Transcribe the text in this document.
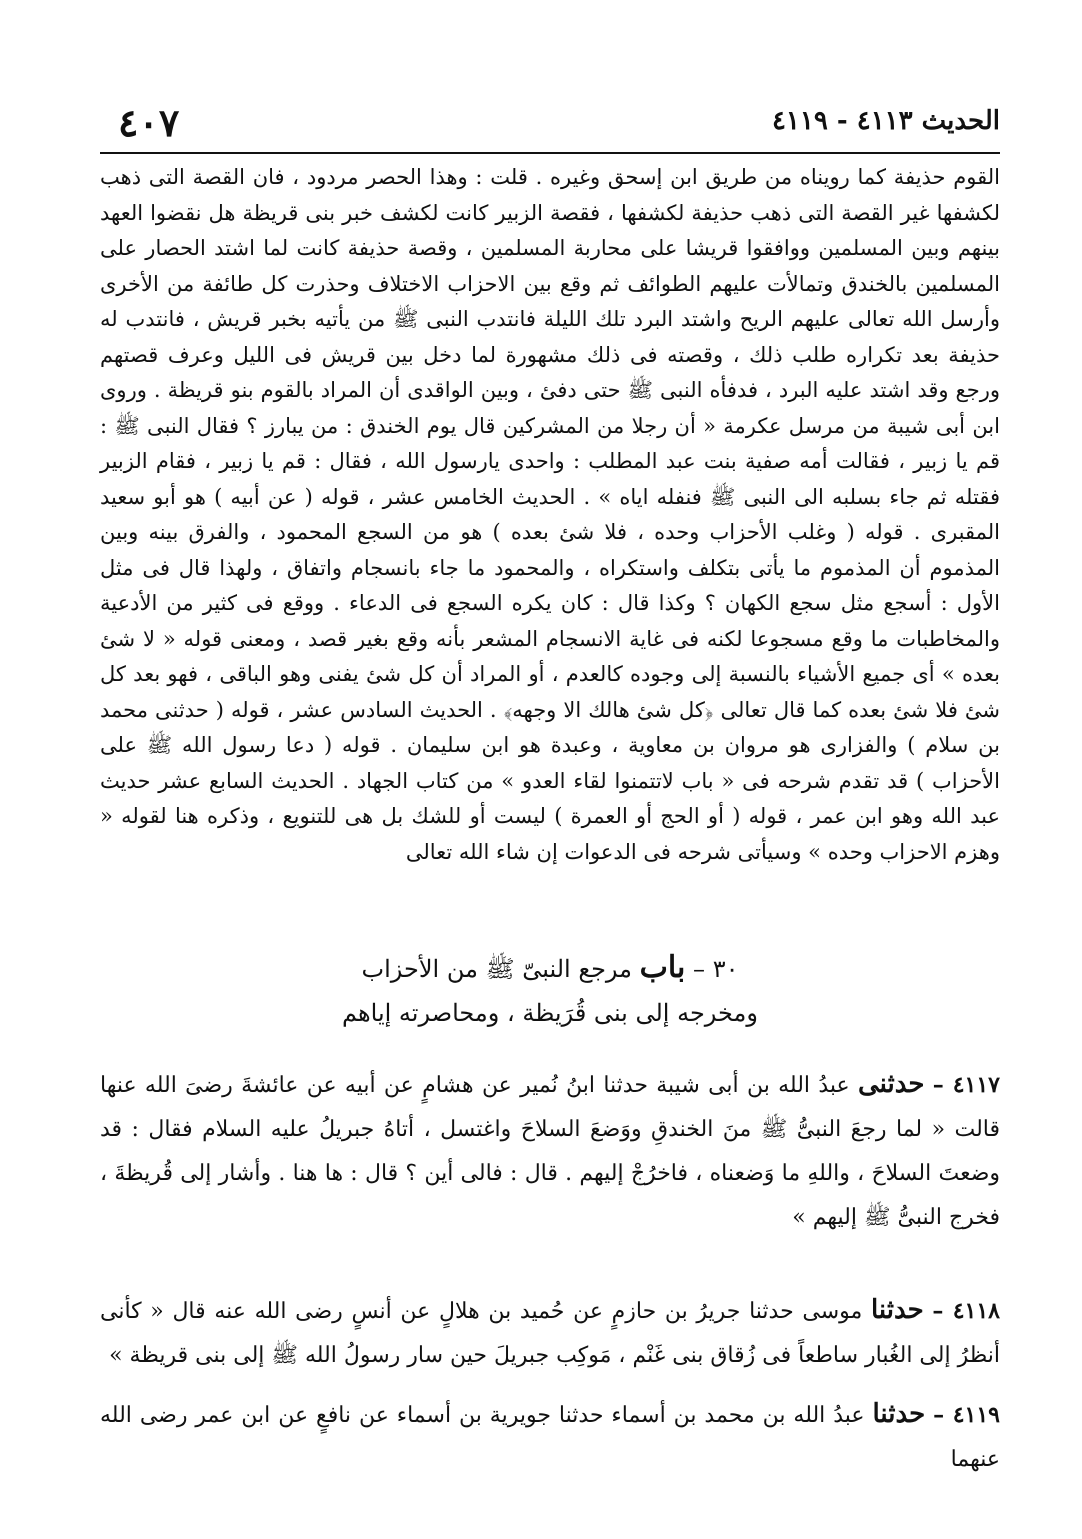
٤٠٧	الحديث ٤١١٣ - ٤١١٩
القوم حذيفة كما رويناه من طريق ابن إسحق وغيره . قلت : وهذا الحصر مردود ، فان القصة التى ذهب لكشفها غير القصة التى ذهب حذيفة لكشفها ، فقصة الزبير كانت لكشف خبر بنى قريظة هل نقضوا العهد بينهم وبين المسلمين ووافقوا قريشا على محاربة المسلمين ، وقصة حذيفة كانت لما اشتد الحصار على المسلمين بالخندق وتمالأت عليهم الطوائف ثم وقع بين الاحزاب الاختلاف وحذرت كل طائفة من الأخرى وأرسل الله تعالى عليهم الريح واشتد البرد تلك الليلة فانتدب النبى ﷺ من يأتيه بخبر قريش ، فانتدب له حذيفة بعد تكراره طلب ذلك ، وقصته فى ذلك مشهورة لما دخل بين قريش فى الليل وعرف قصتهم ورجع وقد اشتد عليه البرد ، فدفأه النبى ﷺ حتى دفئ ، وبين الواقدى أن المراد بالقوم بنو قريظة . وروى ابن أبى شيبة من مرسل عكرمة « أن رجلا من المشركين قال يوم الخندق : من يبارز ؟ فقال النبى ﷺ : قم يا زبير ، فقالت أمه صفية بنت عبد المطلب : واحدى يارسول الله ، فقال : قم يا زبير ، فقام الزبير فقتله ثم جاء بسلبه الى النبى ﷺ فنفله اياه » . الحديث الخامس عشر ، قوله ( عن أبيه ) هو أبو سعيد المقبرى . قوله ( وغلب الأحزاب وحده ، فلا شئ بعده ) هو من السجع المحمود ، والفرق بينه وبين المذموم أن المذموم ما يأتى بتكلف واستكراه ، والمحمود ما جاء بانسجام واتفاق ، ولهذا قال فى مثل الأول : أسجع مثل سجع الكهان ؟ وكذا قال : كان يكره السجع فى الدعاء . ووقع فى كثير من الأدعية والمخاطبات ما وقع مسجوعا لكنه فى غاية الانسجام المشعر بأنه وقع بغير قصد ، ومعنى قوله « لا شئ بعده » أى جميع الأشياء بالنسبة إلى وجوده كالعدم ، أو المراد أن كل شئ يفنى وهو الباقى ، فهو بعد كل شئ فلا شئ بعده كما قال تعالى ﴿كل شئ هالك الا وجهه﴾ . الحديث السادس عشر ، قوله ( حدثنى محمد بن سلام ) والفزارى هو مروان بن معاوية ، وعبدة هو ابن سليمان . قوله ( دعا رسول الله ﷺ على الأحزاب ) قد تقدم شرحه فى « باب لاتتمنوا لقاء العدو » من كتاب الجهاد . الحديث السابع عشر حديث عبد الله وهو ابن عمر ، قوله ( أو الحج أو العمرة ) ليست أو للشك بل هى للتنويع ، وذكره هنا لقوله « وهزم الاحزاب وحده » وسيأتى شرحه فى الدعوات إن شاء الله تعالى
٣٠ – باب مرجع النبىّ ﷺ من الأحزاب
ومخرجه إلى بنى قُرَيظة ، ومحاصرته إياهم
٤١١٧ – حدثنى عبدُ الله بن أبى شيبة حدثنا ابنُ نُمير عن هشامٍ عن أبيه عن عائشةَ رضىَ الله عنها قالت « لما رجعَ النبىُّ ﷺ منَ الخندقِ ووَضعَ السلاحَ واغتسل ، أتاهُ جبريلُ عليه السلام فقال : قد وضعتَ السلاحَ ، واللهِ ما وَضعناه ، فاخرُجْ إليهم . قال : فالى أين ؟ قال : ها هنا . وأشار إلى قُريظةَ ، فخرج النبىُّ ﷺ إليهم »
٤١١٨ – حدثنا موسى حدثنا جريرُ بن حازمٍ عن حُميد بن هلالٍ عن أنسٍ رضى الله عنه قال « كأنى أنظرُ إلى الغُبار ساطعاً فى زُقاق بنى غَنْم ، مَوكِب جبريلَ حين سار رسولُ الله ﷺ إلى بنى قريظة »
٤١١٩ – حدثنا عبدُ الله بن محمد بن أسماء حدثنا جويرية بن أسماء عن نافعٍ عن ابن عمر رضى الله عنهما
